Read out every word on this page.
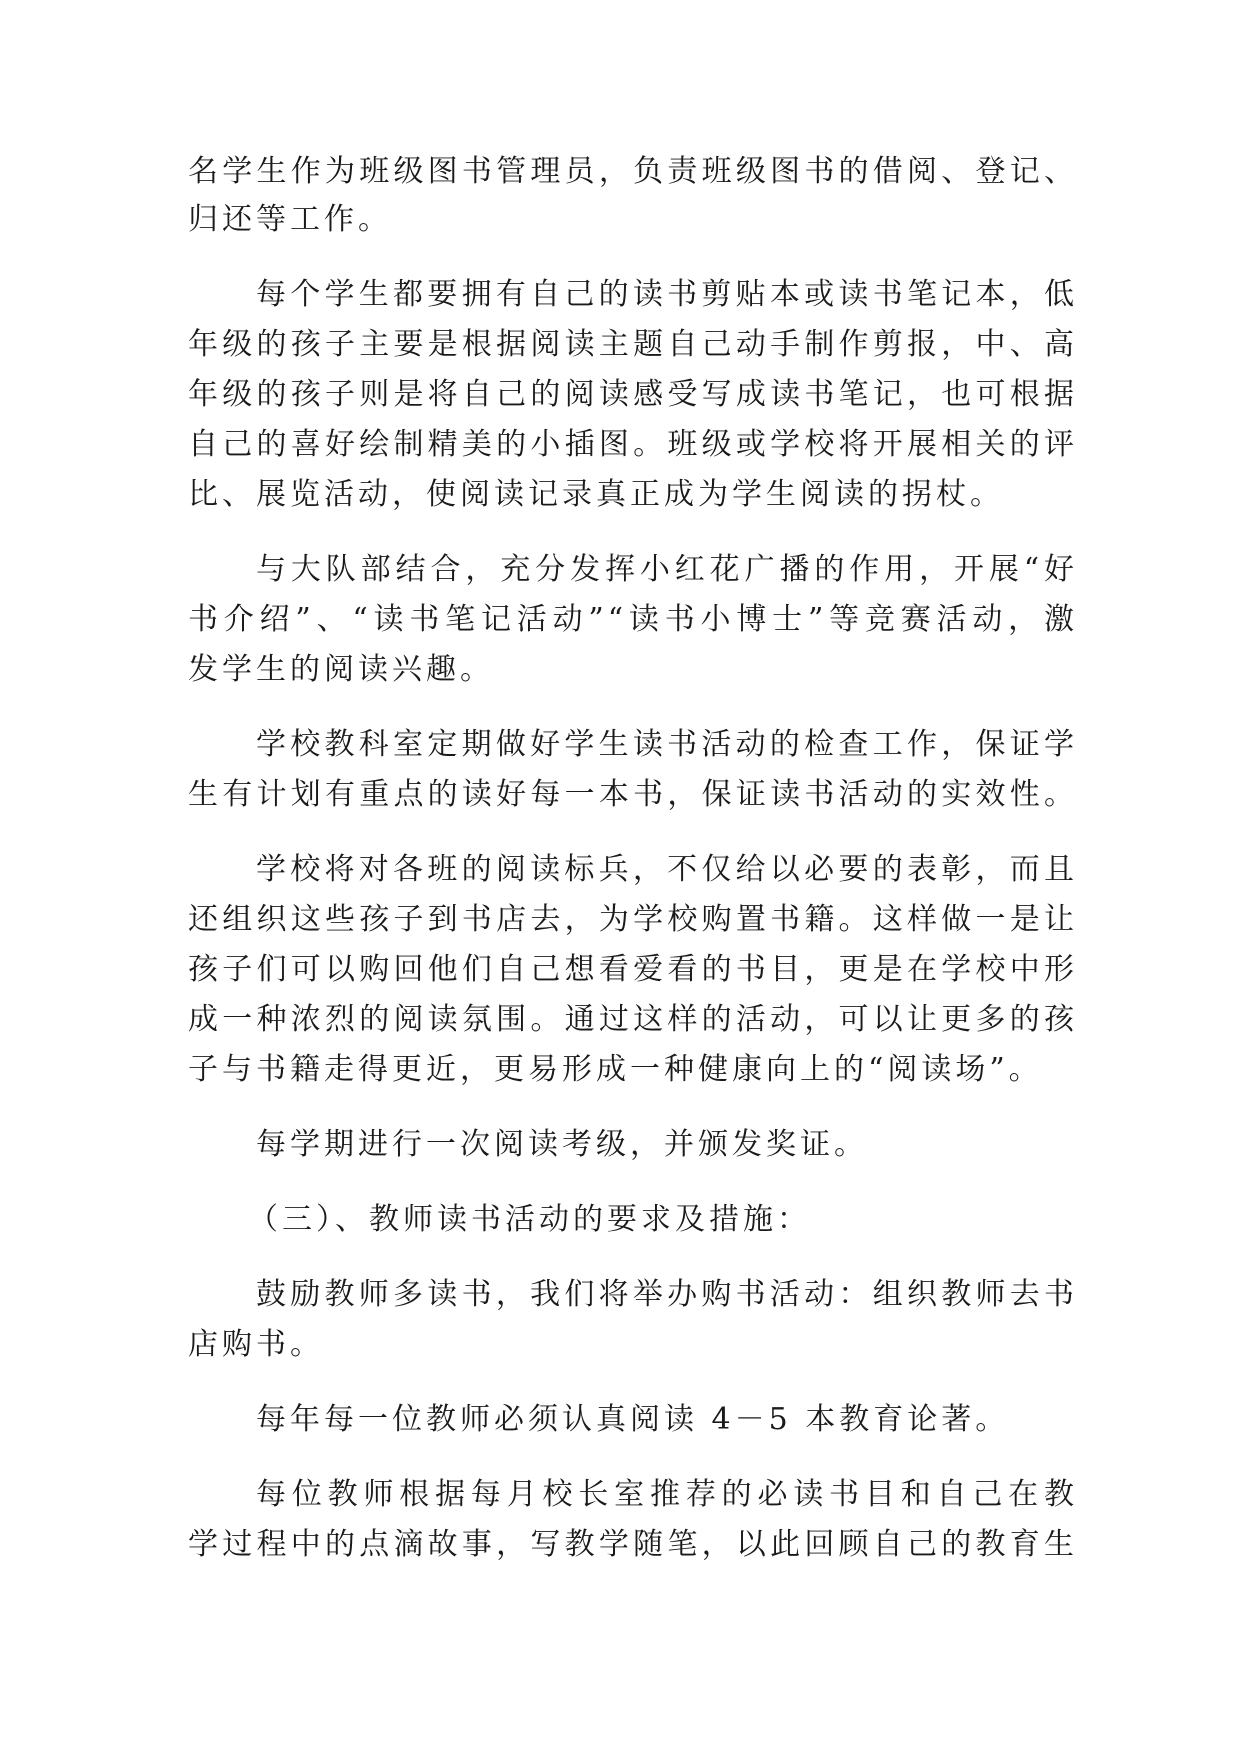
名学生作为班级图书管理员，负责班级图书的借阅、登记、
归还等工作。
每个学生都要拥有自己的读书剪贴本或读书笔记本，低
年级的孩子主要是根据阅读主题自己动手制作剪报，中、高
年级的孩子则是将自己的阅读感受写成读书笔记，也可根据
自己的喜好绘制精美的小插图。班级或学校将开展相关的评
比、展览活动，使阅读记录真正成为学生阅读的拐杖。
与大队部结合，充分发挥小红花广播的作用，开展“好
书介绍”、“读书笔记活动”“读书小博士”等竞赛活动，激
发学生的阅读兴趣。
学校教科室定期做好学生读书活动的检查工作，保证学
生有计划有重点的读好每一本书，保证读书活动的实效性。
学校将对各班的阅读标兵，不仅给以必要的表彰，而且
还组织这些孩子到书店去，为学校购置书籍。这样做一是让
孩子们可以购回他们自己想看爱看的书目，更是在学校中形
成一种浓烈的阅读氛围。通过这样的活动，可以让更多的孩
子与书籍走得更近，更易形成一种健康向上的“阅读场”。
每学期进行一次阅读考级，并颁发奖证。
（三）、教师读书活动的要求及措施：
鼓励教师多读书，我们将举办购书活动：组织教师去书
店购书。
每年每一位教师必须认真阅读 4－5 本教育论著。
每位教师根据每月校长室推荐的必读书目和自己在教
学过程中的点滴故事，写教学随笔，以此回顾自己的教育生
